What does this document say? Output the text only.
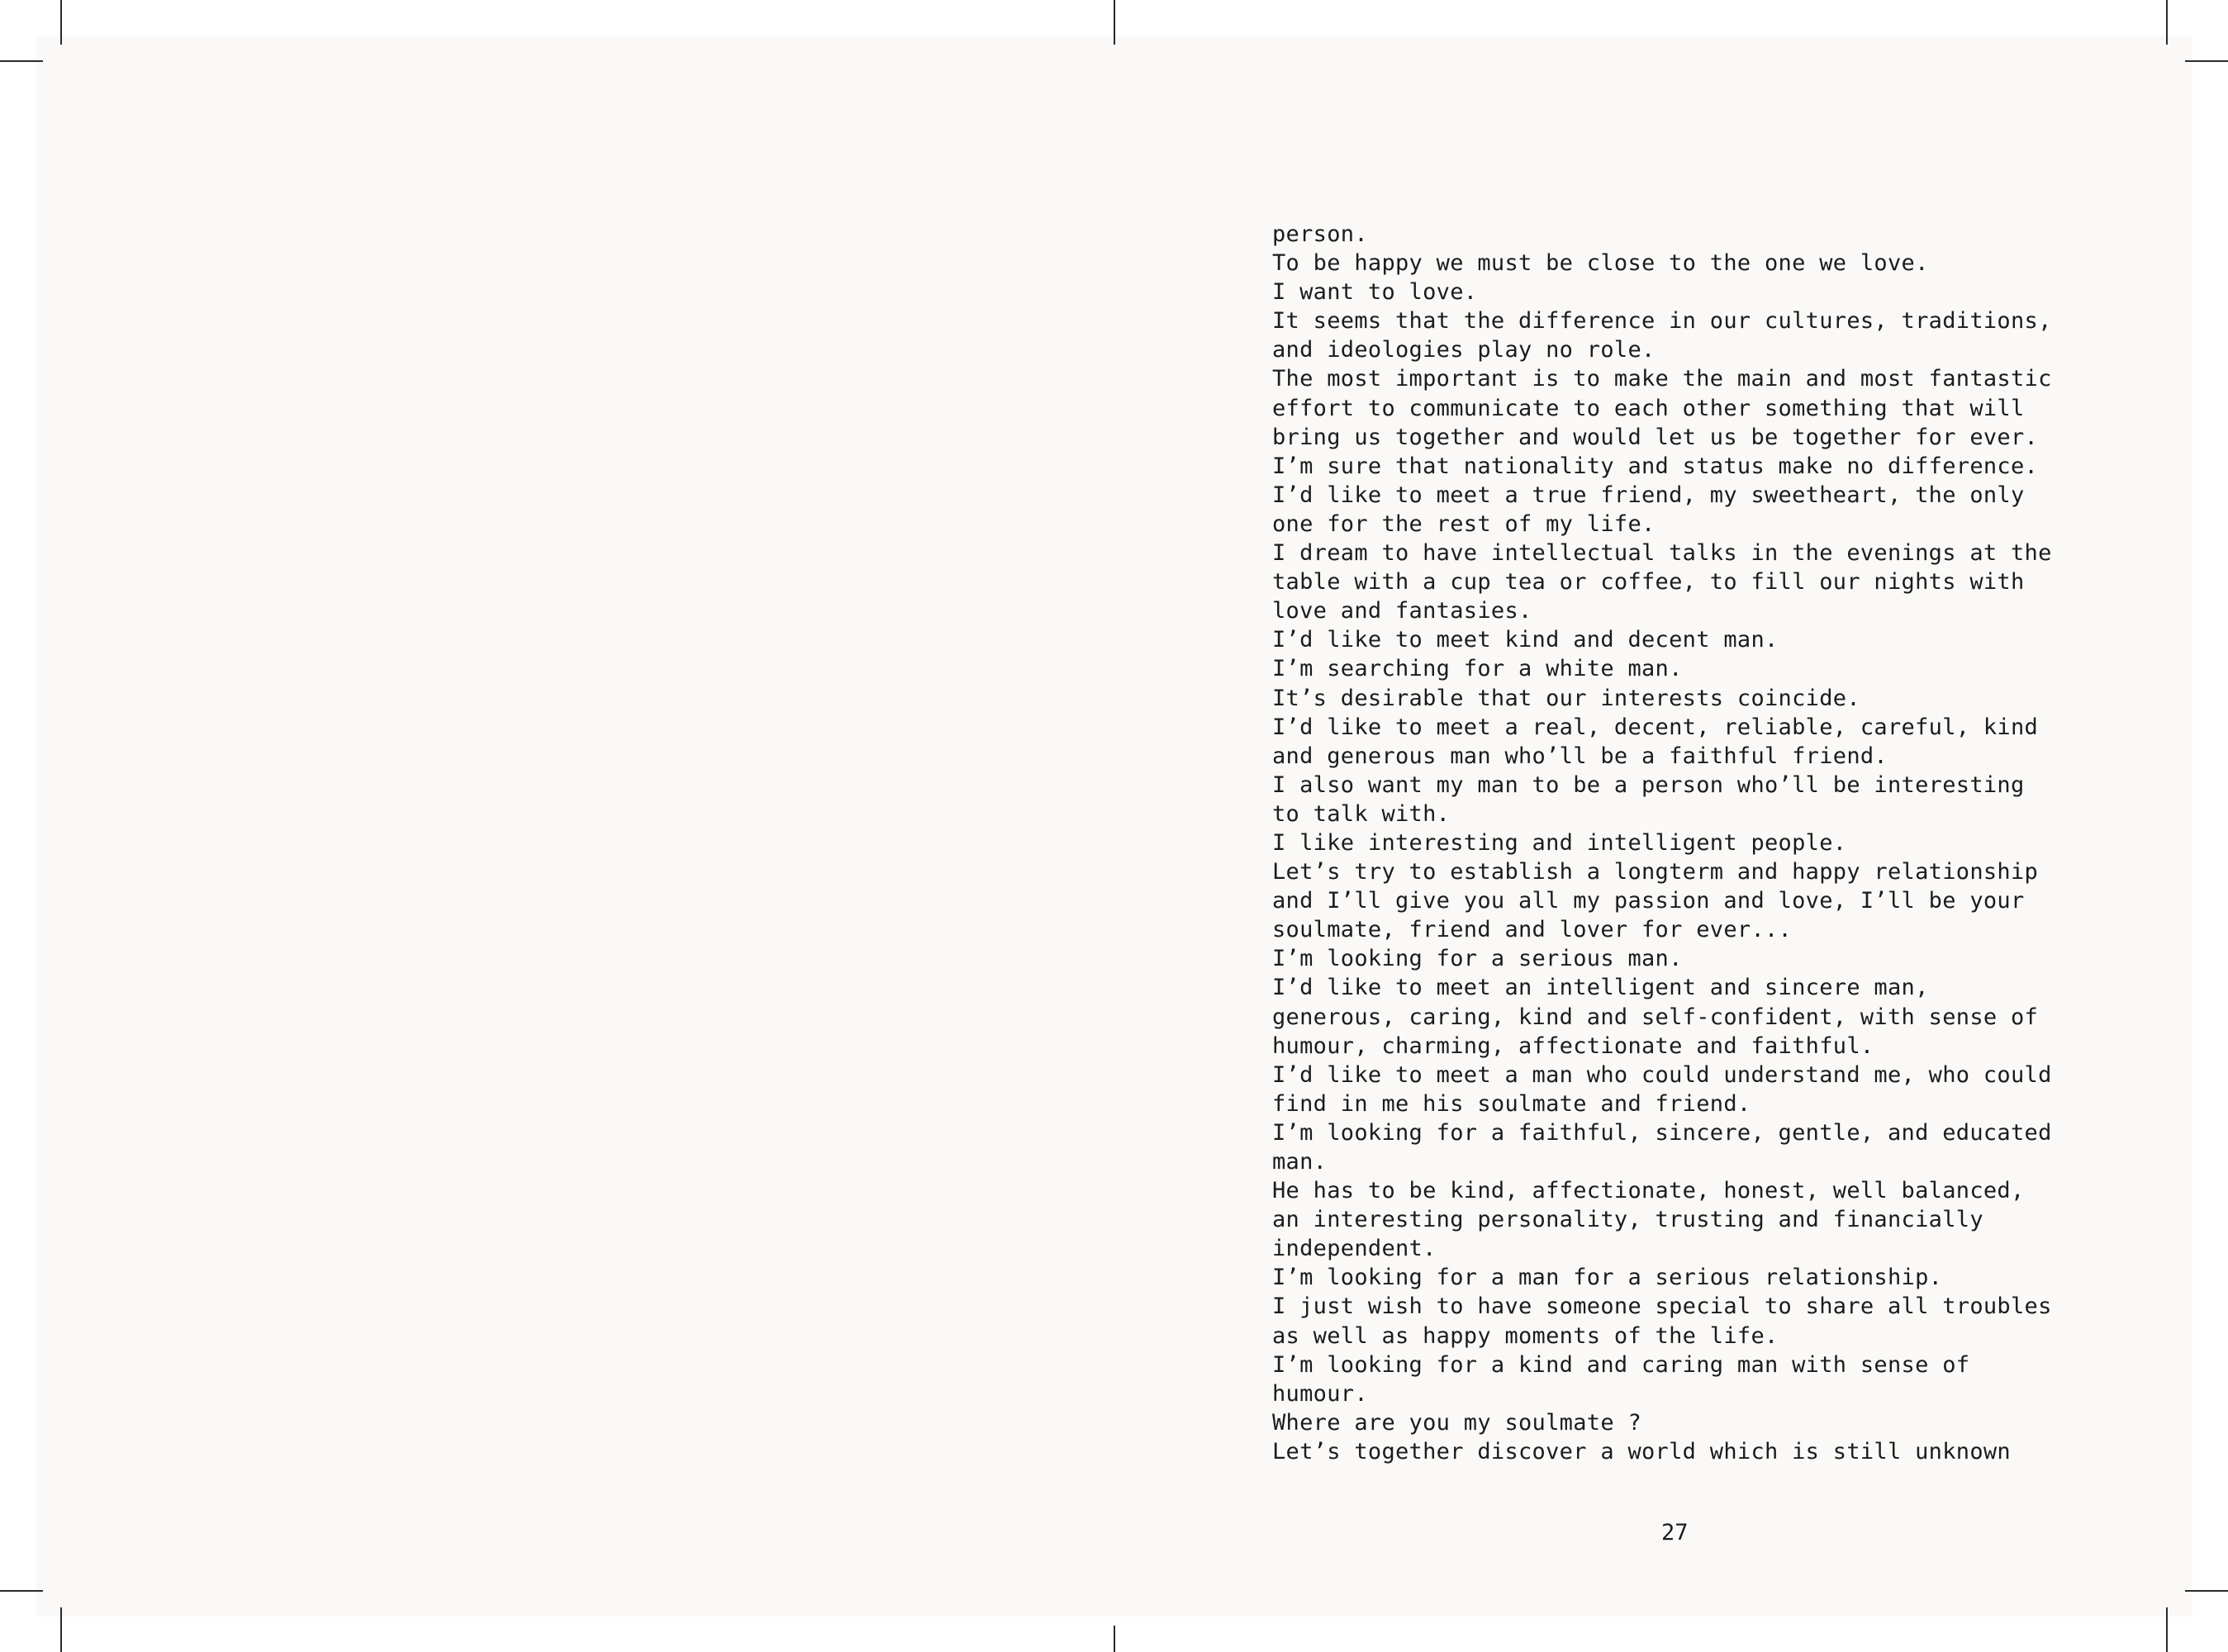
person.
To be happy we must be close to the one we love.
I want to love.
It seems that the difference in our cultures, traditions,
and ideologies play no role.
The most important is to make the main and most fantastic
effort to communicate to each other something that will
bring us together and would let us be together for ever.
I’m sure that nationality and status make no difference.
I’d like to meet a true friend, my sweetheart, the only
one for the rest of my life.
I dream to have intellectual talks in the evenings at the
table with a cup tea or coffee, to fill our nights with
love and fantasies.
I’d like to meet kind and decent man.
I’m searching for a white man.
It’s desirable that our interests coincide.
I’d like to meet a real, decent, reliable, careful, kind
and generous man who’ll be a faithful friend.
I also want my man to be a person who’ll be interesting
to talk with.
I like interesting and intelligent people.
Let’s try to establish a longterm and happy relationship
and I’ll give you all my passion and love, I’ll be your
soulmate, friend and lover for ever...
I’m looking for a serious man.
I’d like to meet an intelligent and sincere man,
generous, caring, kind and self-confident, with sense of
humour, charming, affectionate and faithful.
I’d like to meet a man who could understand me, who could
find in me his soulmate and friend.
I’m looking for a faithful, sincere, gentle, and educated
man.
He has to be kind, affectionate, honest, well balanced,
an interesting personality, trusting and financially
independent.
I’m looking for a man for a serious relationship.
I just wish to have someone special to share all troubles
as well as happy moments of the life.
I’m looking for a kind and caring man with sense of
humour.
Where are you my soulmate ?
Let’s together discover a world which is still unknown
27
